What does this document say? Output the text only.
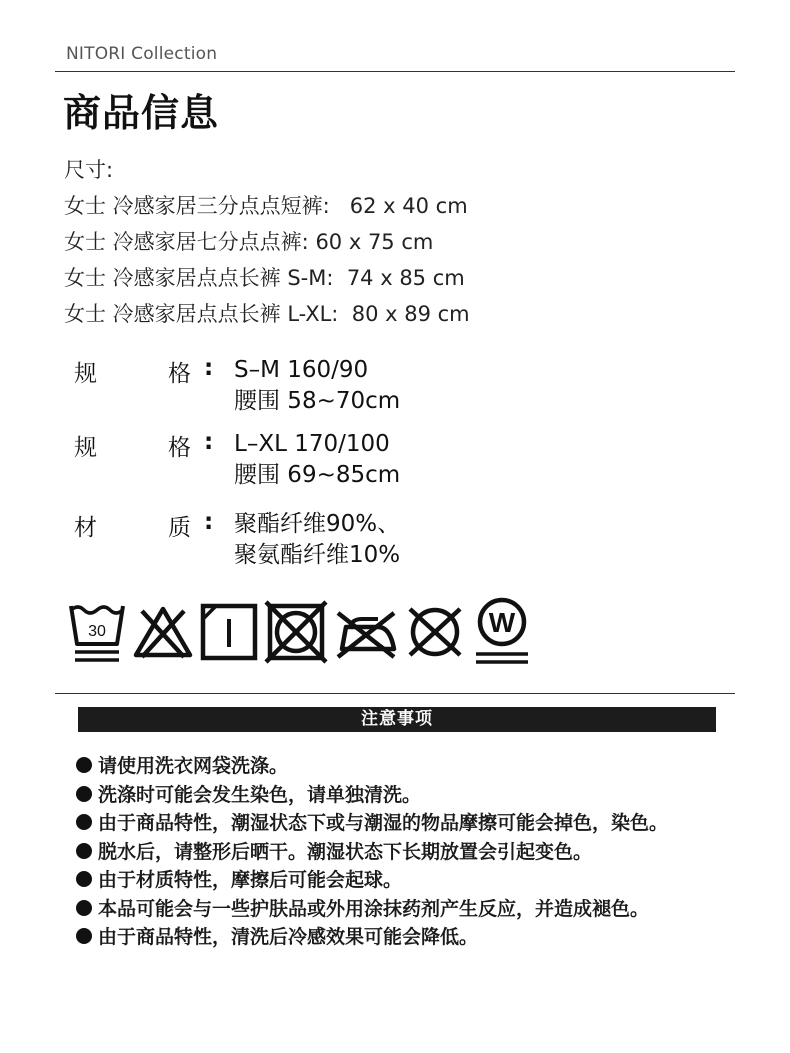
NITORI Collection
商品信息
尺寸:
女士 冷感家居三分点点短裤: 62 x 40 cm
女士 冷感家居七分点点裤: 60 x 75 cm
女士 冷感家居点点长裤 S-M: 74 x 85 cm
女士 冷感家居点点长裤 L-XL: 80 x 89 cm
规	格 : S–M 160/90
腰围 58~70cm
规	格 : L–XL 170/100
腰围 69~85cm
材	质 : 聚酯纤维90%、
聚氨酯纤维10%
30	W
注意事项
请使用洗衣网袋洗涤。
洗涤时可能会发生染色，请单独清洗。
由于商品特性，潮湿状态下或与潮湿的物品摩擦可能会掉色，染色。
脱水后，请整形后晒干。潮湿状态下长期放置会引起变色。
由于材质特性，摩擦后可能会起球。
本品可能会与一些护肤品或外用涂抹药剂产生反应，并造成褪色。
由于商品特性，清洗后冷感效果可能会降低。
